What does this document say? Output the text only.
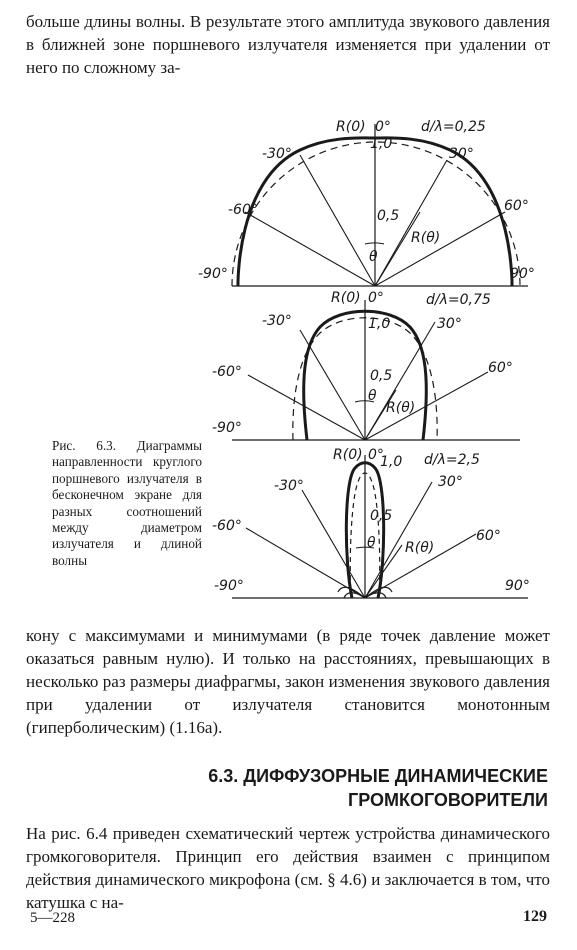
больше длины волны. В результате этого амплитуда звукового давления в ближней зоне поршневого излучателя изменяется при удалении от него по сложному за-

R(0) 0° d/λ=0,25
1,0
-30°	30°
-60°	60°
0,5
R(θ)
θ
-90°	90°
R(0) 0°	d/λ=0,75
1,0
-30°	30°
-60°	60°
0,5
R(θ)
θ
-90°
R(0) 0°	d/λ=2,5
1,0
-30°	30°
-60°
60°
0,5
R(θ)
θ
-90°	90°

Рис. 6.3. Диаграммы направленности круглого поршневого излучателя в бесконечном экране для разных соотношений между диаметром излучателя и длиной волны

кону с максимумами и минимумами (в ряде точек давление может оказаться равным нулю). И только на расстояниях, превышающих в несколько раз размеры диафрагмы, закон изменения звукового давления при удалении от излучателя становится монотонным (гиперболическим) (1.16а).

6.3. ДИФФУЗОРНЫЕ ДИНАМИЧЕСКИЕ
ГРОМКОГОВОРИТЕЛИ

На рис. 6.4 приведен схематический чертеж устройства динамического громкоговорителя. Принцип его действия взаимен с принципом действия динамического микрофона (см. § 4.6) и заключается в том, что катушка с на-

5—228	129
